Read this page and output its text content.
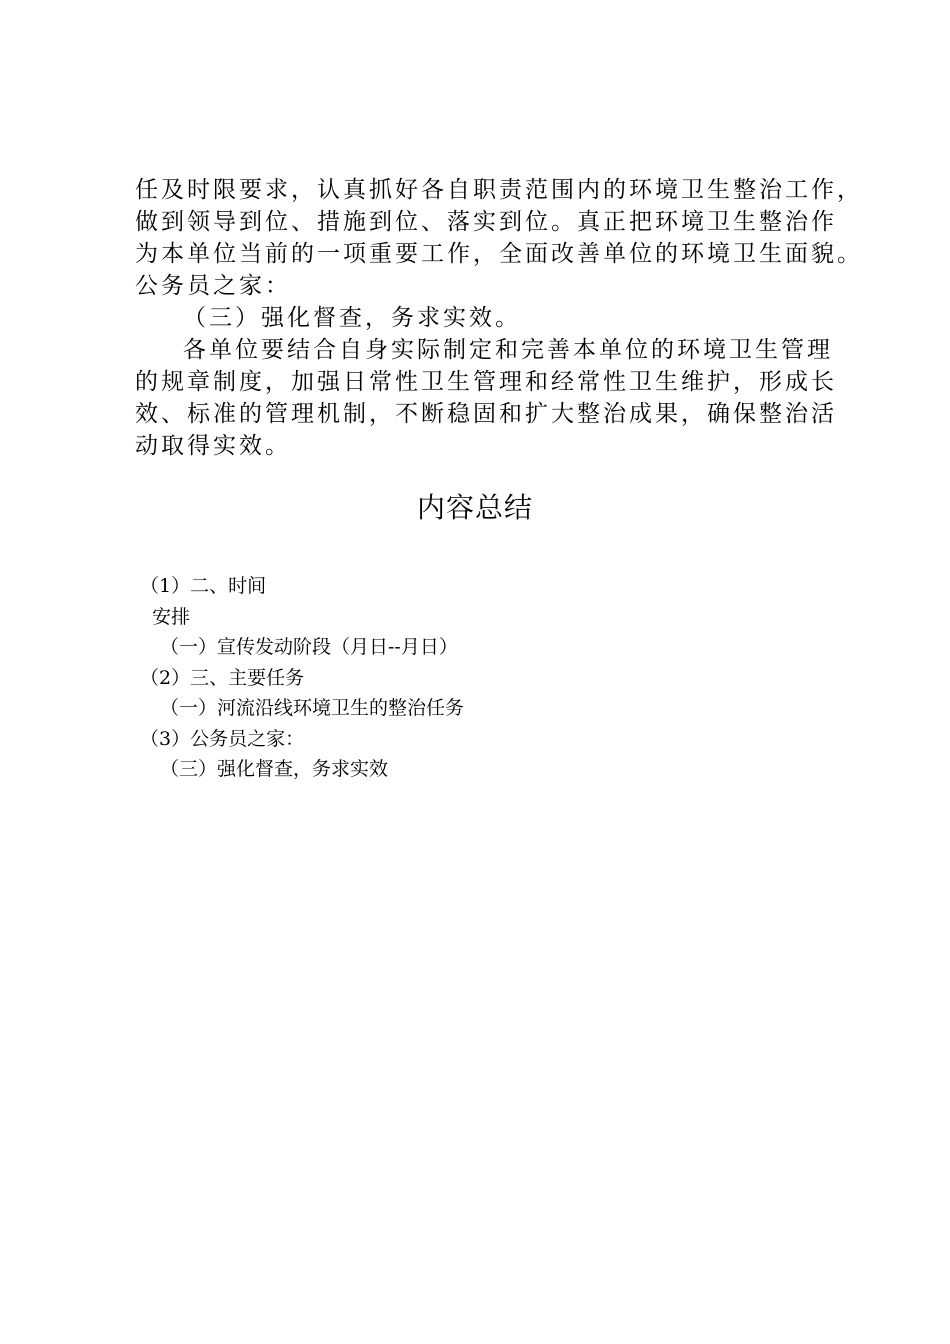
任及时限要求，认真抓好各自职责范围内的环境卫生整治工作，
做到领导到位、措施到位、落实到位。真正把环境卫生整治作
为本单位当前的一项重要工作，全面改善单位的环境卫生面貌。
公务员之家：
（三）强化督查，务求实效。
各单位要结合自身实际制定和完善本单位的环境卫生管理
的规章制度，加强日常性卫生管理和经常性卫生维护，形成长
效、标准的管理机制，不断稳固和扩大整治成果，确保整治活
动取得实效。
内容总结
（1）二、时间
安排
（一）宣传发动阶段（月日--月日）
（2）三、主要任务
（一）河流沿线环境卫生的整治任务
（3）公务员之家：
（三）强化督查，务求实效
